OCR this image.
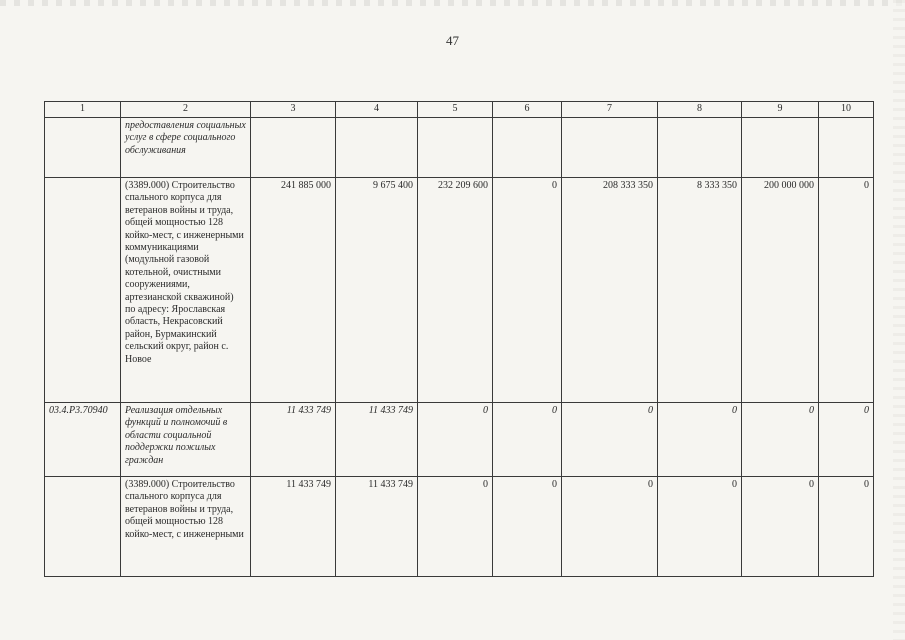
47
1	2	3	4	5	6	7	8	9	10
	предоставления социальных услуг в сфере социального обслуживания								
	(3389.000) Строительство спального корпуса для ветеранов войны и труда, общей мощностью 128 койко-мест, с инженерными коммуникациями (модульной газовой котельной, очистными сооружениями, артезианской скважиной) по адресу: Ярославская область, Некрасовский район, Бурмакинский сельский округ, район с. Новое	241 885 000	9 675 400	232 209 600	0	208 333 350	8 333 350	200 000 000	0
03.4.P3.70940	Реализация отдельных функций и полномочий в области социальной поддержки пожилых граждан	11 433 749	11 433 749	0	0	0	0	0	0
	(3389.000) Строительство спального корпуса для ветеранов войны и труда, общей мощностью 128 койко-мест, с инженерными	11 433 749	11 433 749	0	0	0	0	0	0
